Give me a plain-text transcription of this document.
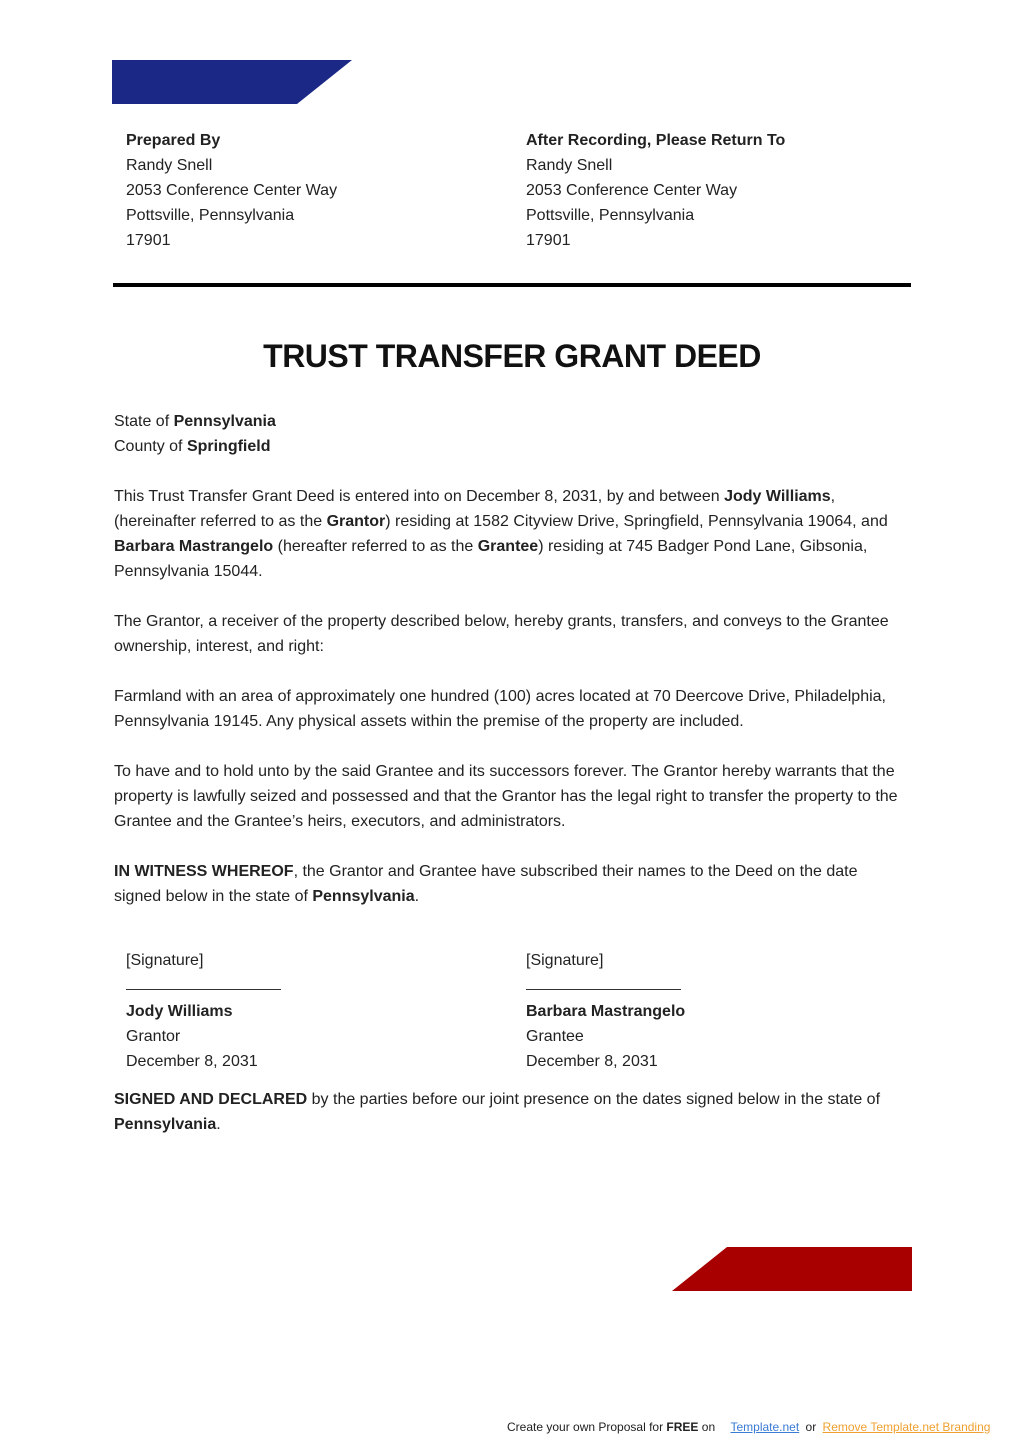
Prepared By
Randy Snell
2053 Conference Center Way
Pottsville, Pennsylvania
17901
After Recording, Please Return To
Randy Snell
2053 Conference Center Way
Pottsville, Pennsylvania
17901
TRUST TRANSFER GRANT DEED
State of Pennsylvania
County of Springfield
This Trust Transfer Grant Deed is entered into on December 8, 2031, by and between Jody Williams, (hereinafter referred to as the Grantor) residing at 1582 Cityview Drive, Springfield, Pennsylvania 19064, and Barbara Mastrangelo (hereafter referred to as the Grantee) residing at 745 Badger Pond Lane, Gibsonia, Pennsylvania 15044.
The Grantor, a receiver of the property described below, hereby grants, transfers, and conveys to the Grantee ownership, interest, and right:
Farmland with an area of approximately one hundred (100) acres located at 70 Deercove Drive, Philadelphia, Pennsylvania 19145. Any physical assets within the premise of the property are included.
To have and to hold unto by the said Grantee and its successors forever. The Grantor hereby warrants that the property is lawfully seized and possessed and that the Grantor has the legal right to transfer the property to the Grantee and the Grantee’s heirs, executors, and administrators.
IN WITNESS WHEREOF, the Grantor and Grantee have subscribed their names to the Deed on the date signed below in the state of Pennsylvania.
[Signature]
Jody Williams
Grantor
December 8, 2031
[Signature]
Barbara Mastrangelo
Grantee
December 8, 2031
SIGNED AND DECLARED by the parties before our joint presence on the dates signed below in the state of Pennsylvania.
Create your own Proposal for FREE on Template.net or Remove Template.net Branding
